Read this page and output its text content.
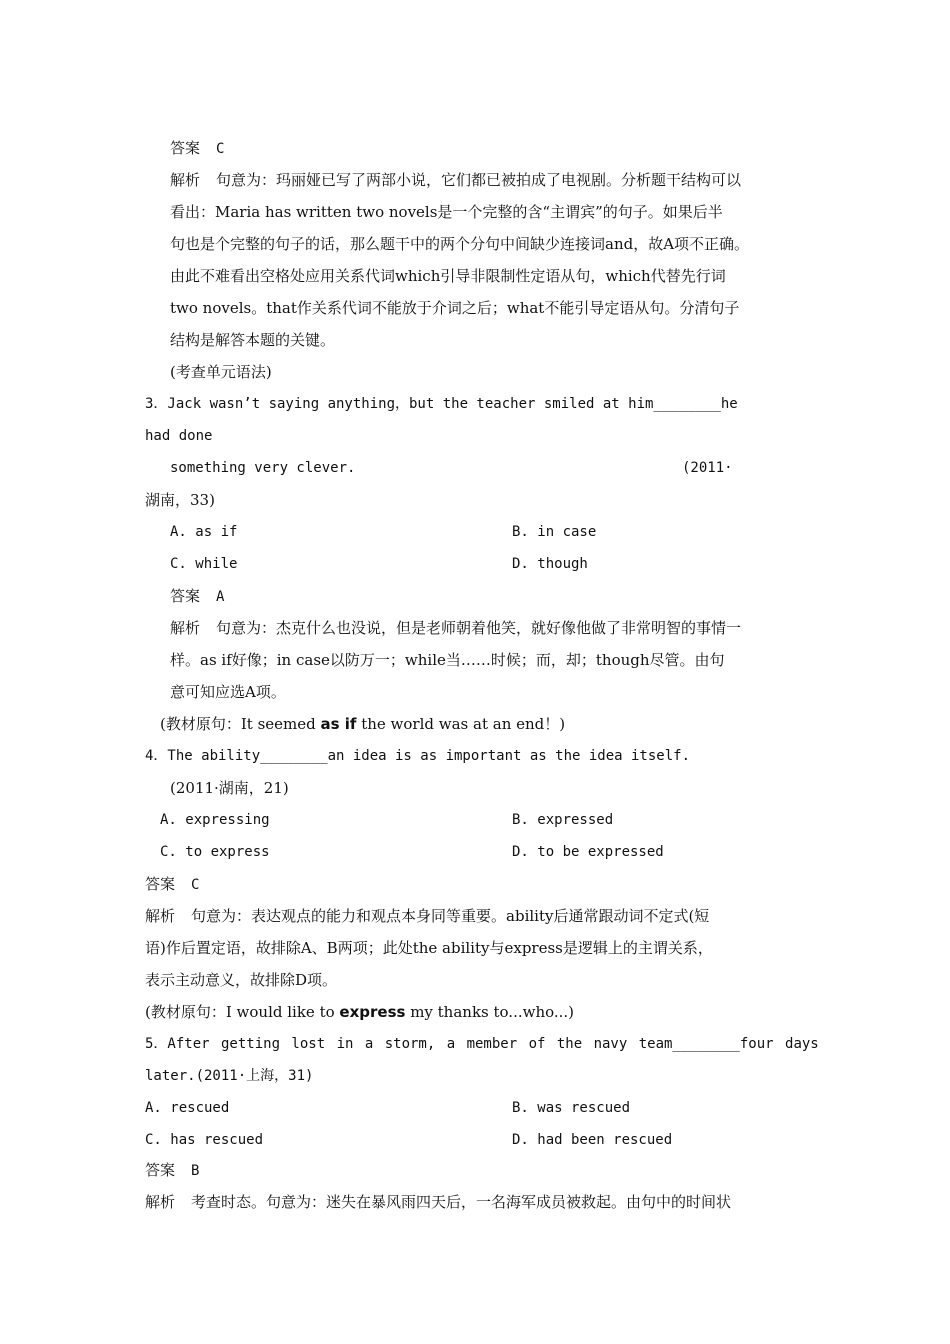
答案 C
解析 句意为：玛丽娅已写了两部小说，它们都已被拍成了电视剧。分析题干结构可以
看出：Maria has written two novels是一个完整的含“主谓宾”的句子。如果后半
句也是个完整的句子的话，那么题干中的两个分句中间缺少连接词and，故A项不正确。
由此不难看出空格处应用关系代词which引导非限制性定语从句，which代替先行词
two novels。that作关系代词不能放于介词之后；what不能引导定语从句。分清句子
结构是解答本题的关键。
(考查单元语法)
3．Jack wasn’t saying anything，but the teacher smiled at him________he
had done
something very clever.	(2011·
湖南，33)
A. as if	B. in case
C. while	D. though
答案 A
解析 句意为：杰克什么也没说，但是老师朝着他笑，就好像他做了非常明智的事情一
样。as if好像；in case以防万一；while当……时候；而，却；though尽管。由句
意可知应选A项。
(教材原句：It seemed as if the world was at an end！)
4．The ability________an idea is as important as the idea itself.
(2011·湖南，21)
A. expressing	B. expressed
C. to express	D. to be expressed
答案 C
解析 句意为：表达观点的能力和观点本身同等重要。ability后通常跟动词不定式(短
语)作后置定语，故排除A、B两项；此处the ability与express是逻辑上的主谓关系，
表示主动意义，故排除D项。
(教材原句：I would like to express my thanks to...who...)
5．After getting lost in a storm, a member of the navy team________four days
later.(2011·上海，31)
A. rescued	B. was rescued
C. has rescued	D. had been rescued
答案 B
解析 考查时态。句意为：迷失在暴风雨四天后，一名海军成员被救起。由句中的时间状
